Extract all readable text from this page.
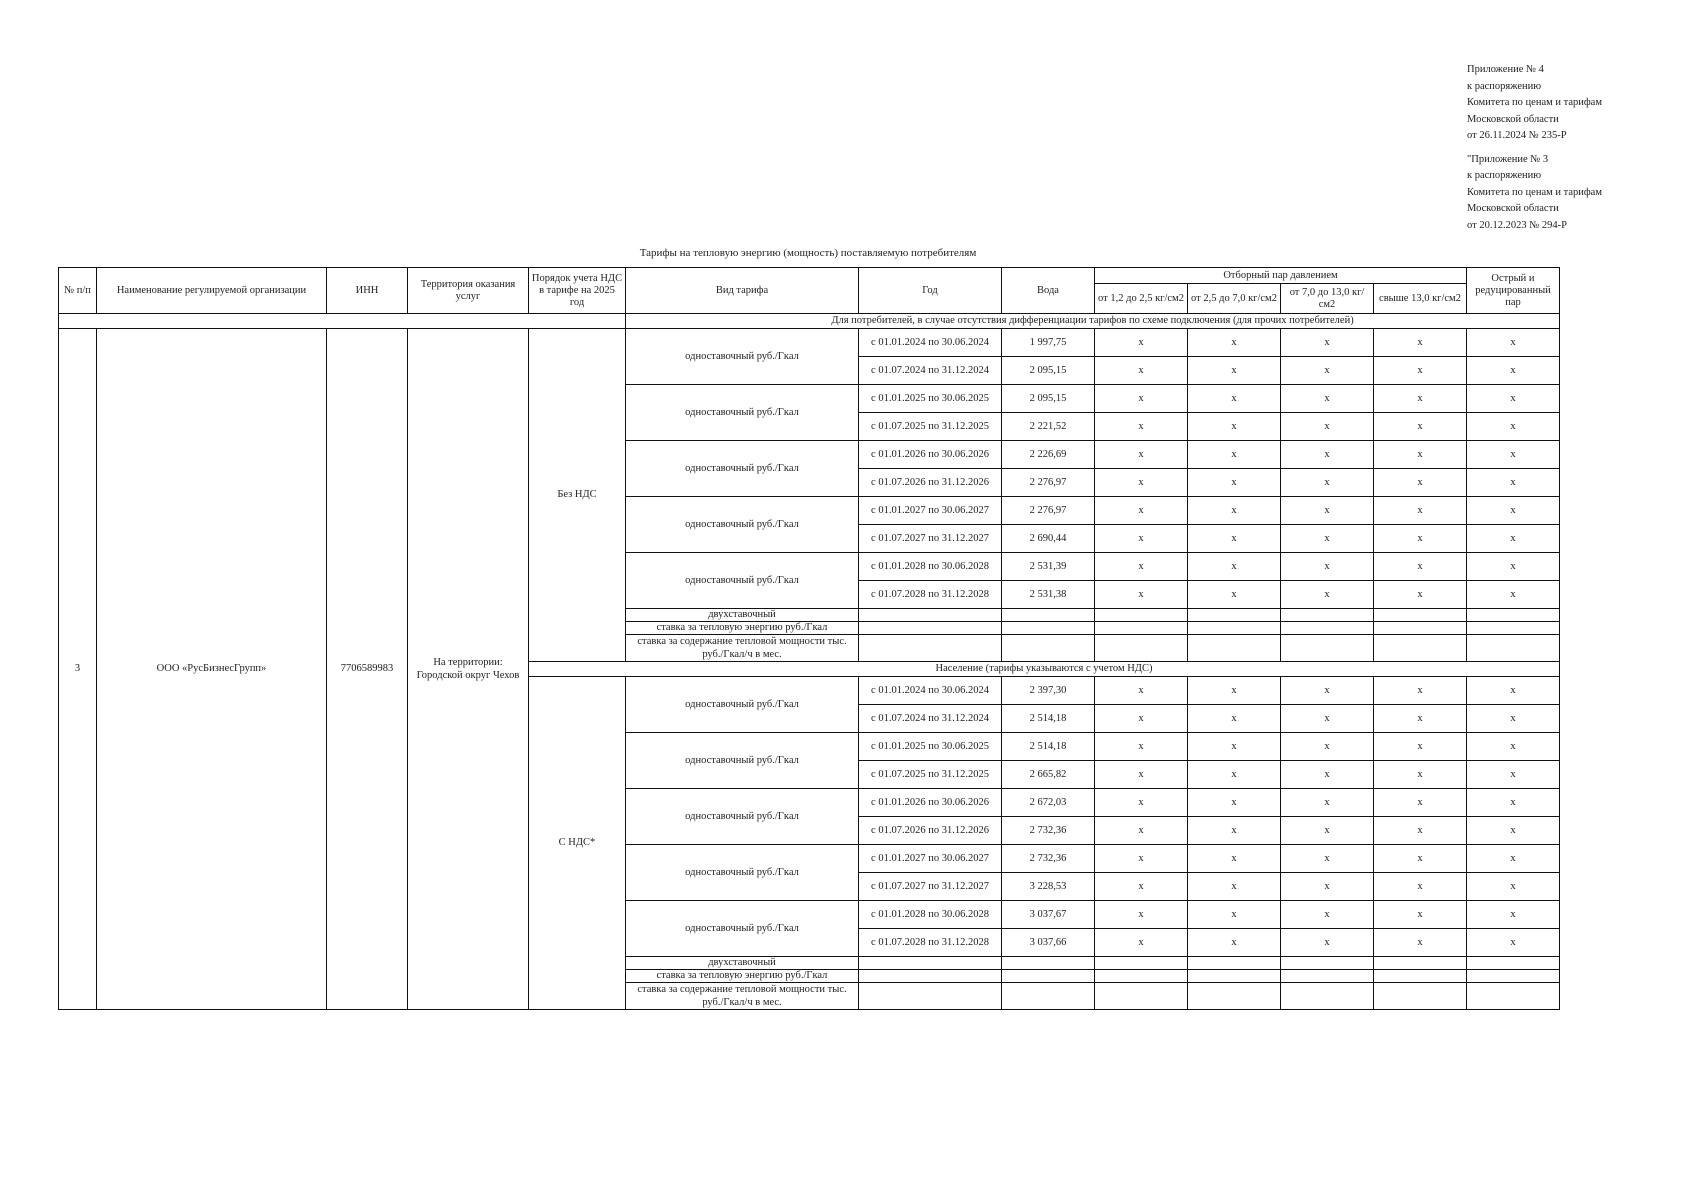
Приложение № 4
к распоряжению
Комитета по ценам и тарифам
Московской области
от 26.11.2024 № 235-Р
"Приложение № 3
к распоряжению
Комитета по ценам и тарифам
Московской области
от 20.12.2023 № 294-Р
Тарифы на тепловую энергию (мощность) поставляемую потребителям
№ п/п	Наименование регулируемой организации	ИНН	Территория оказания услуг	Порядок учета НДС в тарифе на 2025 год	Вид тарифа	Год	Вода	Отборный пар давлением				Острый и редуцированный пар
								от 1,2 до 2,5 кг/см2	от 2,5 до 7,0 кг/см2	от 7,0 до 13,0 кг/см2	свыше 13,0 кг/см2	
					Для потребителей, в случае отсутствия дифференциации тарифов по схеме подключения (для прочих потребителей)							
3	ООО «РусБизнесГрупп»	7706589983	На территории: Городской округ Чехов	Без НДС	одноставочный руб./Гкал	с 01.01.2024 по 30.06.2024	1 997,75	х	х	х	х	х
						с 01.07.2024 по 31.12.2024	2 095,15	х	х	х	х	х
					одноставочный руб./Гкал	с 01.01.2025 по 30.06.2025	2 095,15	х	х	х	х	х
						с 01.07.2025 по 31.12.2025	2 221,52	х	х	х	х	х
					одноставочный руб./Гкал	с 01.01.2026 по 30.06.2026	2 226,69	х	х	х	х	х
						с 01.07.2026 по 31.12.2026	2 276,97	х	х	х	х	х
					одноставочный руб./Гкал	с 01.01.2027 по 30.06.2027	2 276,97	х	х	х	х	х
						с 01.07.2027 по 31.12.2027	2 690,44	х	х	х	х	х
					одноставочный руб./Гкал	с 01.01.2028 по 30.06.2028	2 531,39	х	х	х	х	х
						с 01.07.2028 по 31.12.2028	2 531,38	х	х	х	х	х
					двухставочный							
					ставка за тепловую энергию руб./Гкал							
					ставка за содержание тепловой мощности тыс. руб./Гкал/ч в мес.							
				Население (тарифы указываются с учетом НДС)								
				С НДС*	одноставочный руб./Гкал	с 01.01.2024 по 30.06.2024	2 397,30	х	х	х	х	х
						с 01.07.2024 по 31.12.2024	2 514,18	х	х	х	х	х
					одноставочный руб./Гкал	с 01.01.2025 по 30.06.2025	2 514,18	х	х	х	х	х
						с 01.07.2025 по 31.12.2025	2 665,82	х	х	х	х	х
					одноставочный руб./Гкал	с 01.01.2026 по 30.06.2026	2 672,03	х	х	х	х	х
						с 01.07.2026 по 31.12.2026	2 732,36	х	х	х	х	х
					одноставочный руб./Гкал	с 01.01.2027 по 30.06.2027	2 732,36	х	х	х	х	х
						с 01.07.2027 по 31.12.2027	3 228,53	х	х	х	х	х
					одноставочный руб./Гкал	с 01.01.2028 по 30.06.2028	3 037,67	х	х	х	х	х
						с 01.07.2028 по 31.12.2028	3 037,66	х	х	х	х	х
					двухставочный							
					ставка за тепловую энергию руб./Гкал							
					ставка за содержание тепловой мощности тыс. руб./Гкал/ч в мес.							
